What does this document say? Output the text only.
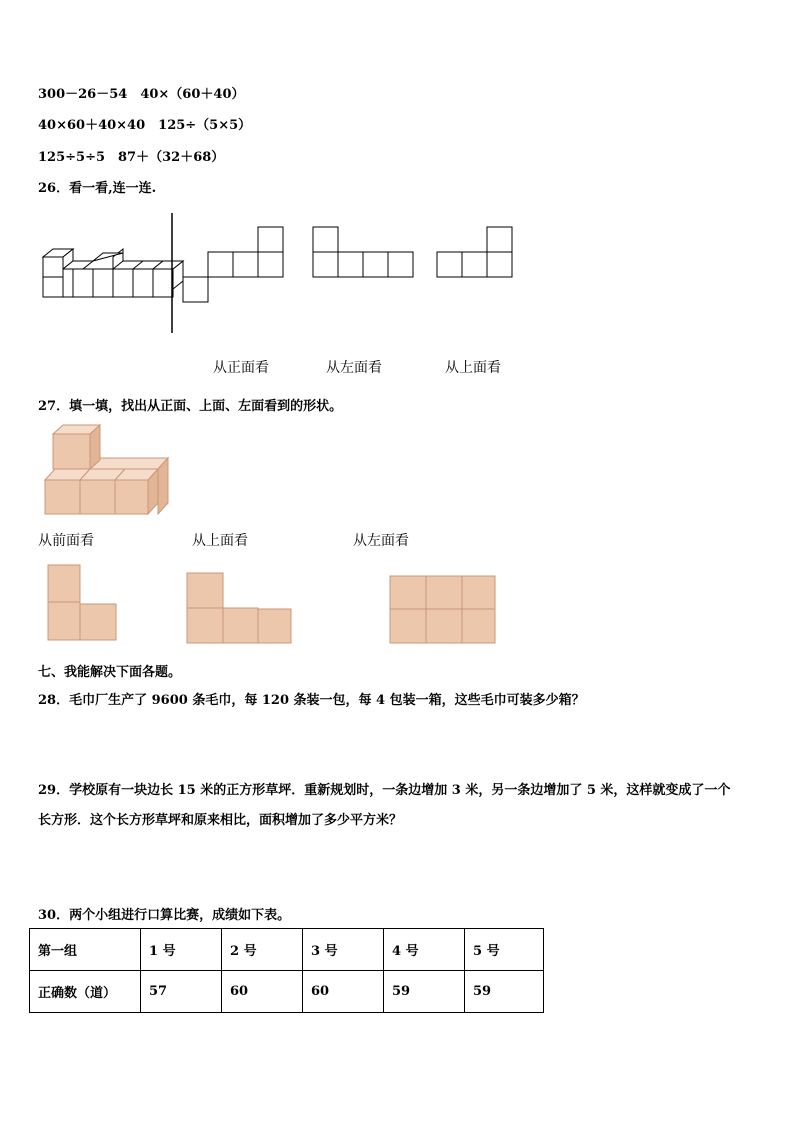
300－26－54　40×（60＋40）
40×60＋40×40　125÷（5×5）
125÷5÷5　87＋（32＋68）
26．看一看,连一连.
从正面看	从左面看	从上面看
27．填一填，找出从正面、上面、左面看到的形状。
从前面看	从上面看	从左面看
七、我能解决下面各题。
28．毛巾厂生产了 9600 条毛巾，每 120 条装一包，每 4 包装一箱，这些毛巾可装多少箱？
29．学校原有一块边长 15 米的正方形草坪．重新规划时，一条边增加 3 米，另一条边增加了 5 米，这样就变成了一个
长方形．这个长方形草坪和原来相比，面积增加了多少平方米？
30．两个小组进行口算比赛，成绩如下表。
第一组	1 号	2 号	3 号	4 号	5 号
正确数（道）	57	60	60	59	59
